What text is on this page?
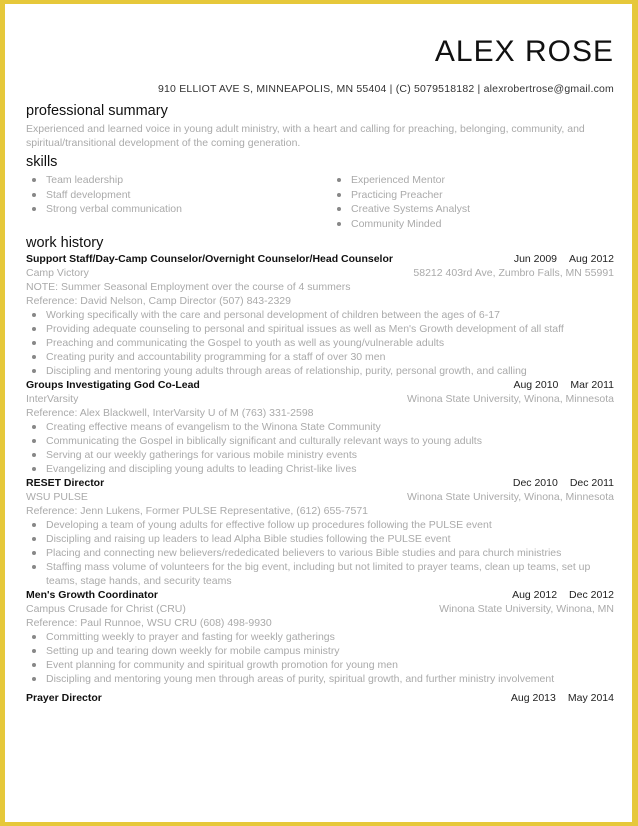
ALEX ROSE
910 ELLIOT AVE S, MINNEAPOLIS, MN 55404 | (C) 5079518182 | alexrobertrose@gmail.com
professional summary

Experienced and learned voice in young adult ministry, with a heart and calling for preaching, belonging, community, and spiritual/transitional development of the coming generation.

skills
Team leadership
Staff development
Strong verbal communication
Experienced Mentor
Practicing Preacher
Creative Systems Analyst
Community Minded
work history
Support Staff/Day-Camp Counselor/Overnight Counselor/Head Counselor	Jun 2009 Aug 2012
Camp Victory	58212 403rd Ave, Zumbro Falls, MN 55991
NOTE: Summer Seasonal Employment over the course of 4 summers
Reference: David Nelson, Camp Director (507) 843-2329
Working specifically with the care and personal development of children between the ages of 6-17
Providing adequate counseling to personal and spiritual issues as well as Men's Growth development of all staff
Preaching and communicating the Gospel to youth as well as young/vulnerable adults
Creating purity and accountability programming for a staff of over 30 men
Discipling and mentoring young adults through areas of relationship, purity, personal growth, and calling
Groups Investigating God Co-Lead	Aug 2010 Mar 2011
InterVarsity	Winona State University, Winona, Minnesota
Reference: Alex Blackwell, InterVarsity U of M (763) 331-2598
Creating effective means of evangelism to the Winona State Community
Communicating the Gospel in biblically significant and culturally relevant ways to young adults
Serving at our weekly gatherings for various mobile ministry events
Evangelizing and discipling young adults to leading Christ-like lives
RESET Director	Dec 2010 Dec 2011
WSU PULSE	Winona State University, Winona, Minnesota
Reference: Jenn Lukens, Former PULSE Representative, (612) 655-7571
Developing a team of young adults for effective follow up procedures following the PULSE event
Discipling and raising up leaders to lead Alpha Bible studies following the PULSE event
Placing and connecting new believers/rededicated believers to various Bible studies and para church ministries
Staffing mass volume of volunteers for the big event, including but not limited to prayer teams, clean up teams, set up teams, stage hands, and security teams
Men's Growth Coordinator	Aug 2012 Dec 2012
Campus Crusade for Christ (CRU)	Winona State University, Winona, MN
Reference: Paul Runnoe, WSU CRU (608) 498-9930
Committing weekly to prayer and fasting for weekly gatherings
Setting up and tearing down weekly for mobile campus ministry
Event planning for community and spiritual growth promotion for young men
Discipling and mentoring young men through areas of purity, spiritual growth, and further ministry involvement
Prayer Director	Aug 2013 May 2014
